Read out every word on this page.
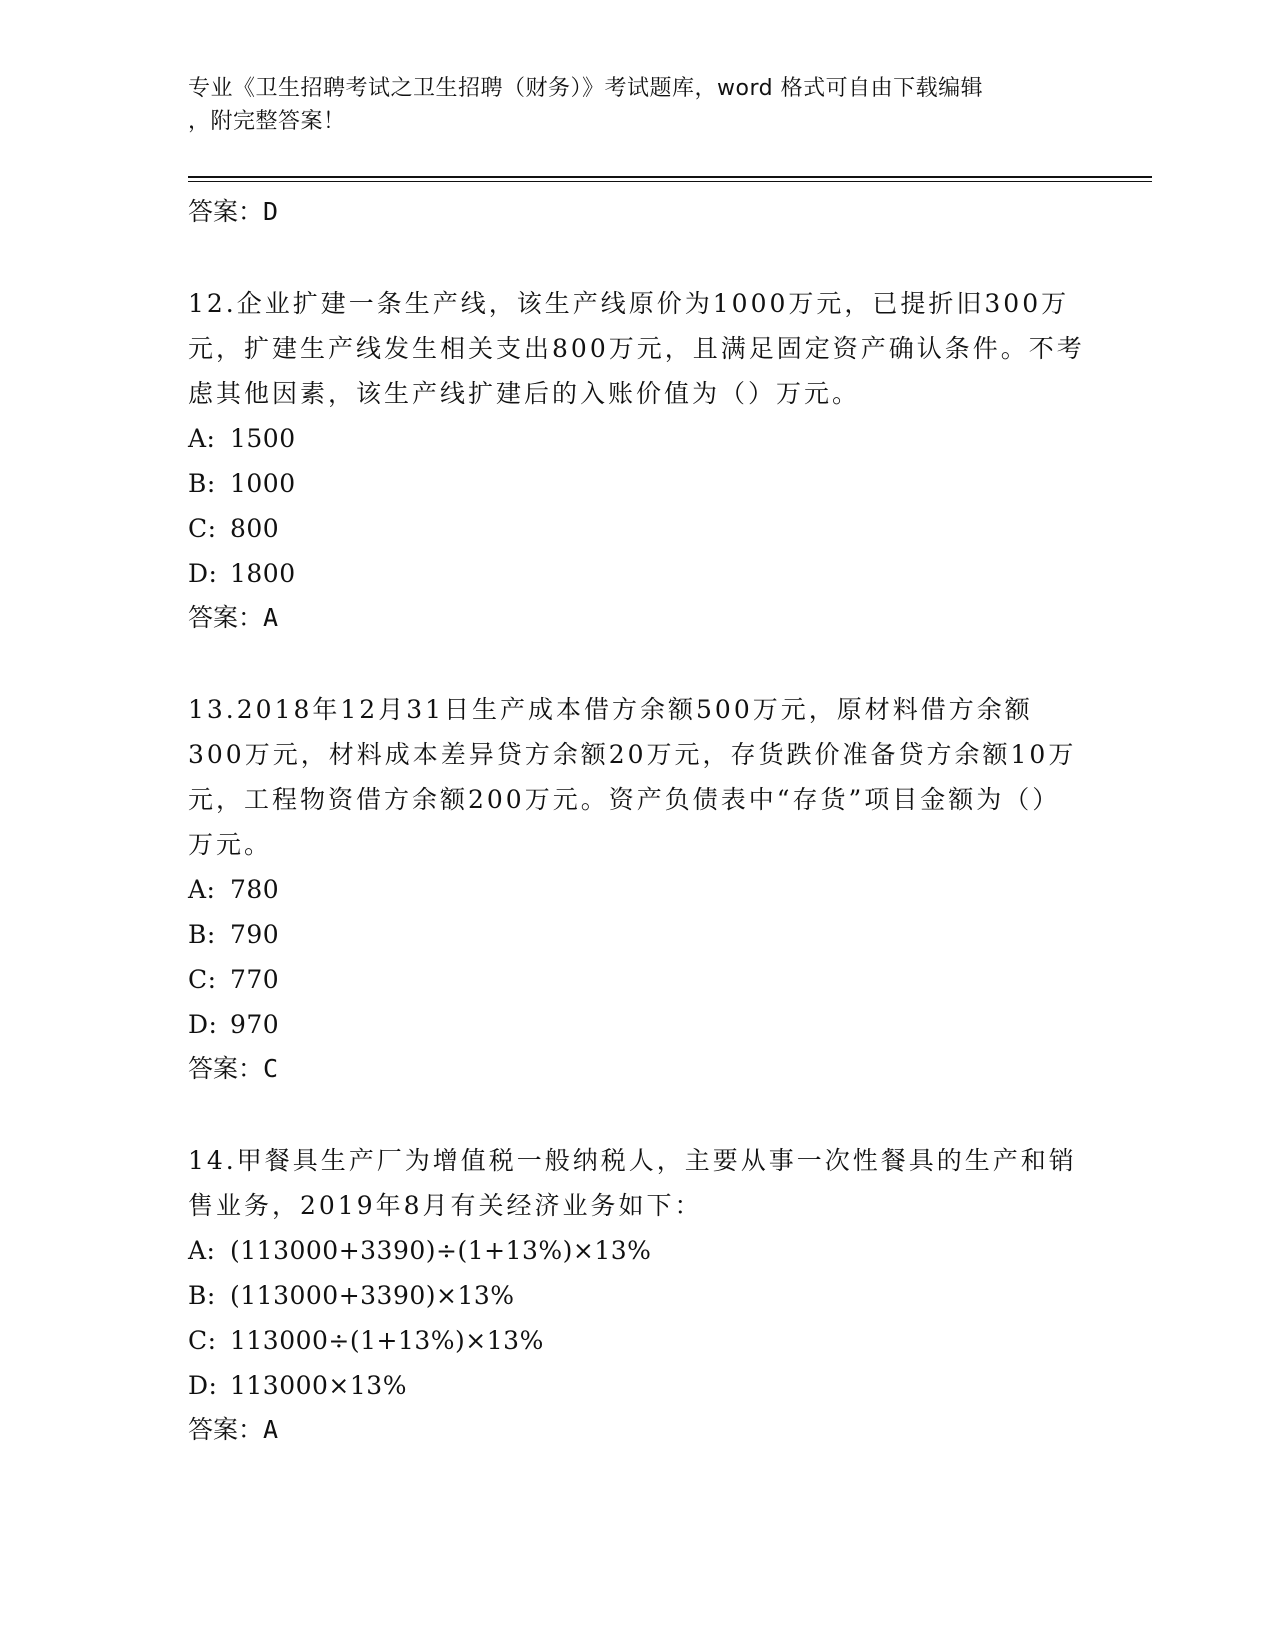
专业《卫生招聘考试之卫生招聘（财务）》考试题库，word 格式可自由下载编辑
，附完整答案！
答案：D
12.企业扩建一条生产线，该生产线原价为1000万元，已提折旧300万元，扩建生产线发生相关支出800万元，且满足固定资产确认条件。不考虑其他因素，该生产线扩建后的入账价值为（）万元。
A: 1500
B: 1000
C: 800
D: 1800
答案：A
13.2018年12月31日生产成本借方余额500万元，原材料借方余额300万元，材料成本差异贷方余额20万元，存货跌价准备贷方余额10万元，工程物资借方余额200万元。资产负债表中“存货”项目金额为（）万元。
A: 780
B: 790
C: 770
D: 970
答案：C
14.甲餐具生产厂为增值税一般纳税人，主要从事一次性餐具的生产和销售业务，2019年8月有关经济业务如下：
A: (113000+3390)÷(1+13%)×13%
B: (113000+3390)×13%
C: 113000÷(1+13%)×13%
D: 113000×13%
答案：A
